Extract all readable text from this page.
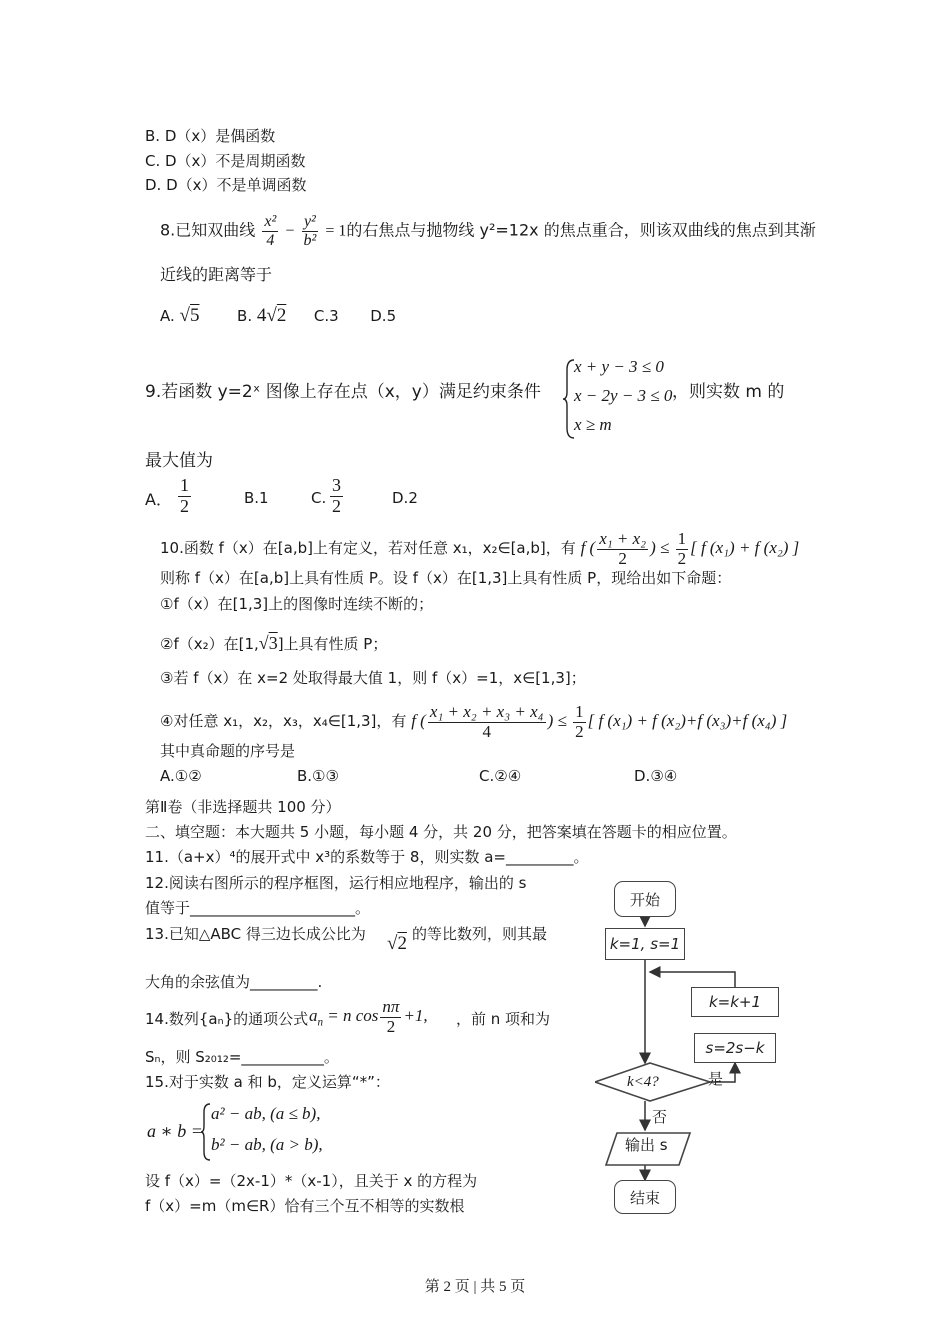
B. D（x）是偶函数
C. D（x）不是周期函数
D. D（x）不是单调函数
8.已知双曲线 $\frac{\text{x²}}{4} - \frac{\text{y²}}{\text{b²}} = 1$的右焦点与抛物线 y²=12x 的焦点重合，则该双曲线的焦点到其渐
近线的距离等于
A. √5	B. 4√2 C.3 D.5
9.若函数 y=2ˣ 图像上存在点（x，y）满足约束条件
x + y − 3 ≤ 0
x − 2y − 3 ≤ 0
x ≥ m
，则实数 m 的
最大值为
A． $\frac{1}{2}$	B.1	C. $\frac{3}{2}$	D.2
10.函数 f（x）在[a,b]上有定义，若对任意 x₁，x₂∈[a,b]，有 f ( $\frac{\text{x₁ + x₂}}{2}$ ) ≤ $\frac{1}{2}$ [ f (x₁) + f (x₂) ]
则称 f（x）在[a,b]上具有性质 P。设 f（x）在[1,3]上具有性质 P，现给出如下命题：
①f（x）在[1,3]上的图像时连续不断的；
②f（x₂）在[1,√3]上具有性质 P；
③若 f（x）在 x=2 处取得最大值 1，则 f（x）=1，x∈[1,3]；
④对任意 x₁，x₂，x₃，x₄∈[1,3]，有 f ( $\frac{\text{x₁ + x₂ + x₃ + x₄}}{4}$ ) ≤ $\frac{1}{2}$ [ f (x₁) + f (x₂)+f (x₃)+f (x₄) ]
其中真命题的序号是
A.①②	B.①③	C.②④	D.③④
第Ⅱ卷（非选择题共 100 分）
二、填空题：本大题共 5 小题，每小题 4 分，共 20 分，把答案填在答题卡的相应位置。
11.（a+x）⁴的展开式中 x³的系数等于 8，则实数 a=_________。
12.阅读右图所示的程序框图，运行相应地程序，输出的 s
值等于______________________。
13.已知△ABC 得三边长成公比为 √2 的等比数列，则其最
大角的余弦值为_________.
14.数列{aₙ}的通项公式 $a_n = n$ $\cos \frac{n\pi}{2} +1$, ，前 n 项和为
Sₙ，则 S₂₀₁₂=___________。
15.对于实数 a 和 b，定义运算“*”：
a ∗ b =
a² − ab, (a ≤ b),
b² − ab, (a > b),
设 f（x）=（2x-1）*（x-1），且关于 x 的方程为
f（x）=m（m∈R）恰有三个互不相等的实数根
开始
k=1, s=1
k=k+1
s=2s−k
k<4?	是
否
输出 s
结束
第 2 页 | 共 5 页
